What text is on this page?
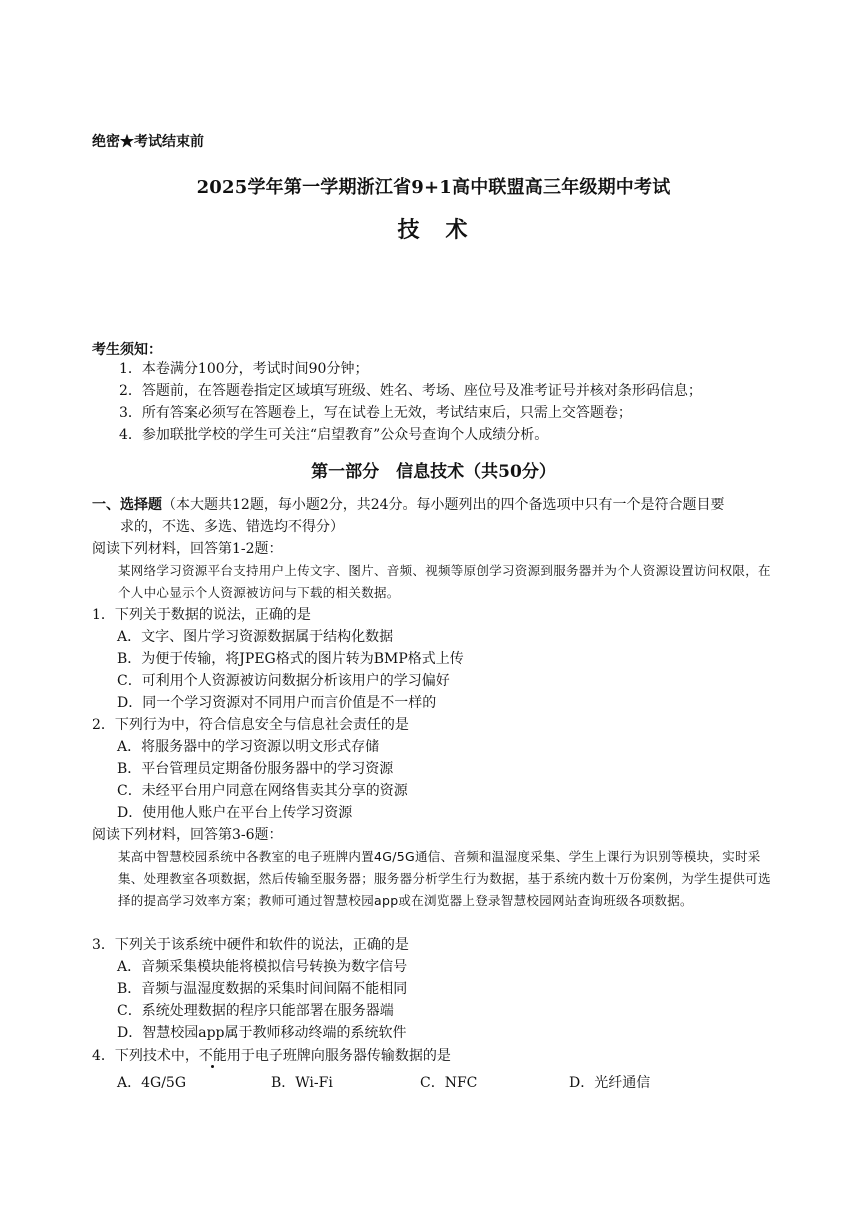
绝密★考试结束前
2025学年第一学期浙江省9+1高中联盟高三年级期中考试
技　术
考生须知：
1．本卷满分100分，考试时间90分钟；
2．答题前，在答题卷指定区域填写班级、姓名、考场、座位号及准考证号并核对条形码信息；
3．所有答案必须写在答题卷上，写在试卷上无效，考试结束后，只需上交答题卷；
4．参加联批学校的学生可关注“启望教育”公众号查询个人成绩分析。
第一部分　信息技术（共50分）
一、选择题（本大题共12题，每小题2分，共24分。每小题列出的四个备选项中只有一个是符合题目要
求的，不选、多选、错选均不得分）
阅读下列材料，回答第1-2题：
某网络学习资源平台支持用户上传文字、图片、音频、视频等原创学习资源到服务器并为个人资源设置访问权限，在个人中心显示个人资源被访问与下载的相关数据。
1．下列关于数据的说法，正确的是
A．文字、图片学习资源数据属于结构化数据
B．为便于传输，将JPEG格式的图片转为BMP格式上传
C．可利用个人资源被访问数据分析该用户的学习偏好
D．同一个学习资源对不同用户而言价值是不一样的
2．下列行为中，符合信息安全与信息社会责任的是
A．将服务器中的学习资源以明文形式存储
B．平台管理员定期备份服务器中的学习资源
C．未经平台用户同意在网络售卖其分享的资源
D．使用他人账户在平台上传学习资源
阅读下列材料，回答第3-6题：
某高中智慧校园系统中各教室的电子班牌内置4G/5G通信、音频和温湿度采集、学生上课行为识别等模块，实时采集、处理教室各项数据，然后传输至服务器；服务器分析学生行为数据，基于系统内数十万份案例，为学生提供可选择的提高学习效率方案；教师可通过智慧校园app或在浏览器上登录智慧校园网站查询班级各项数据。
3．下列关于该系统中硬件和软件的说法，正确的是
A．音频采集模块能将模拟信号转换为数字信号
B．音频与温湿度数据的采集时间间隔不能相同
C．系统处理数据的程序只能部署在服务器端
D．智慧校园app属于教师移动终端的系统软件
4．下列技术中，不能用于电子班牌向服务器传输数据的是
A．4G/5G	B．Wi-Fi	C．NFC	D．光纤通信
